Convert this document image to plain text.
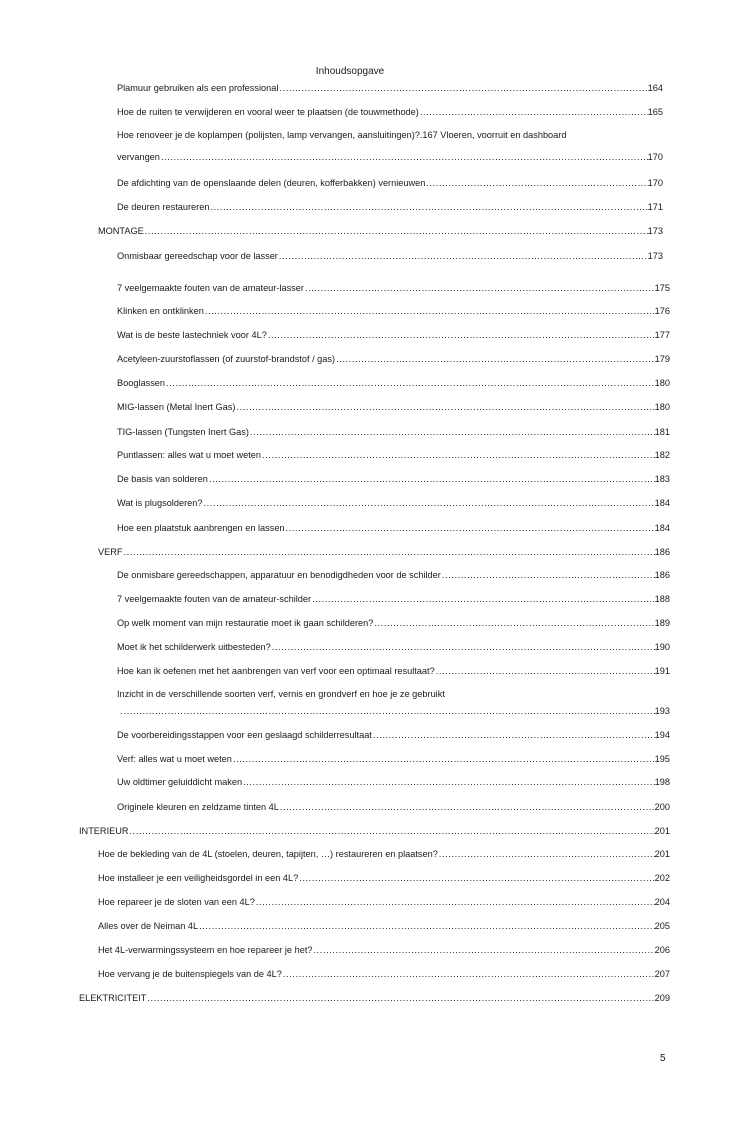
Inhoudsopgave
Plamuur gebruiken als een professional .....	164
Hoe de ruiten te verwijderen en vooral weer te plaatsen (de touwmethode) .....	165
Hoe renoveer je de koplampen (polijsten, lamp vervangen, aansluitingen)?.167 Vloeren, voorruit en dashboard
vervangen .....	170
De afdichting van de openslaande delen (deuren, kofferbakken) vernieuwen .....	170
De deuren restaureren .....	171
MONTAGE .....	173
Onmisbaar gereedschap voor de lasser .....	173
7 veelgemaakte fouten van de amateur-lasser .....	175
Klinken en ontklinken .....	176
Wat is de beste lastechniek voor 4L? .....	177
Acetyleen-zuurstoflassen (of zuurstof-brandstof / gas) .....	179
Booglassen .....	180
MIG-lassen (Metal Inert Gas) .....	180
TIG-lassen (Tungsten Inert Gas) .....	181
Puntlassen: alles wat u moet weten .....	182
De basis van solderen .....	183
Wat is plugsolderen? .....	184
Hoe een plaatstuk aanbrengen en lassen .....	184
VERF .....	186
De onmisbare gereedschappen, apparatuur en benodigdheden voor de schilder .....	186
7 veelgemaakte fouten van de amateur-schilder .....	188
Op welk moment van mijn restauratie moet ik gaan schilderen? .....	189
Moet ik het schilderwerk uitbesteden? .....	190
Hoe kan ik oefenen met het aanbrengen van verf voor een optimaal resultaat? .....	191
Inzicht in de verschillende soorten verf, vernis en grondverf en hoe je ze gebruikt
. .....	193
De voorbereidingsstappen voor een geslaagd schilderresultaat .....	194
Verf: alles wat u moet weten .....	195
Uw oldtimer geluiddicht maken .....	198
Originele kleuren en zeldzame tinten 4L .....	200
INTERIEUR .....	201
Hoe de bekleding van de 4L (stoelen, deuren, tapijten, …) restaureren en plaatsen? .....	201
Hoe installeer je een veiligheidsgordel in een 4L? .....	202
Hoe repareer je de sloten van een 4L? .....	204
Alles over de Neiman 4L .....	205
Het 4L-verwarmingssysteem en hoe repareer je het? .....	206
Hoe vervang je de buitenspiegels van de 4L? .....	207
ELEKTRICITEIT .....	209
5
